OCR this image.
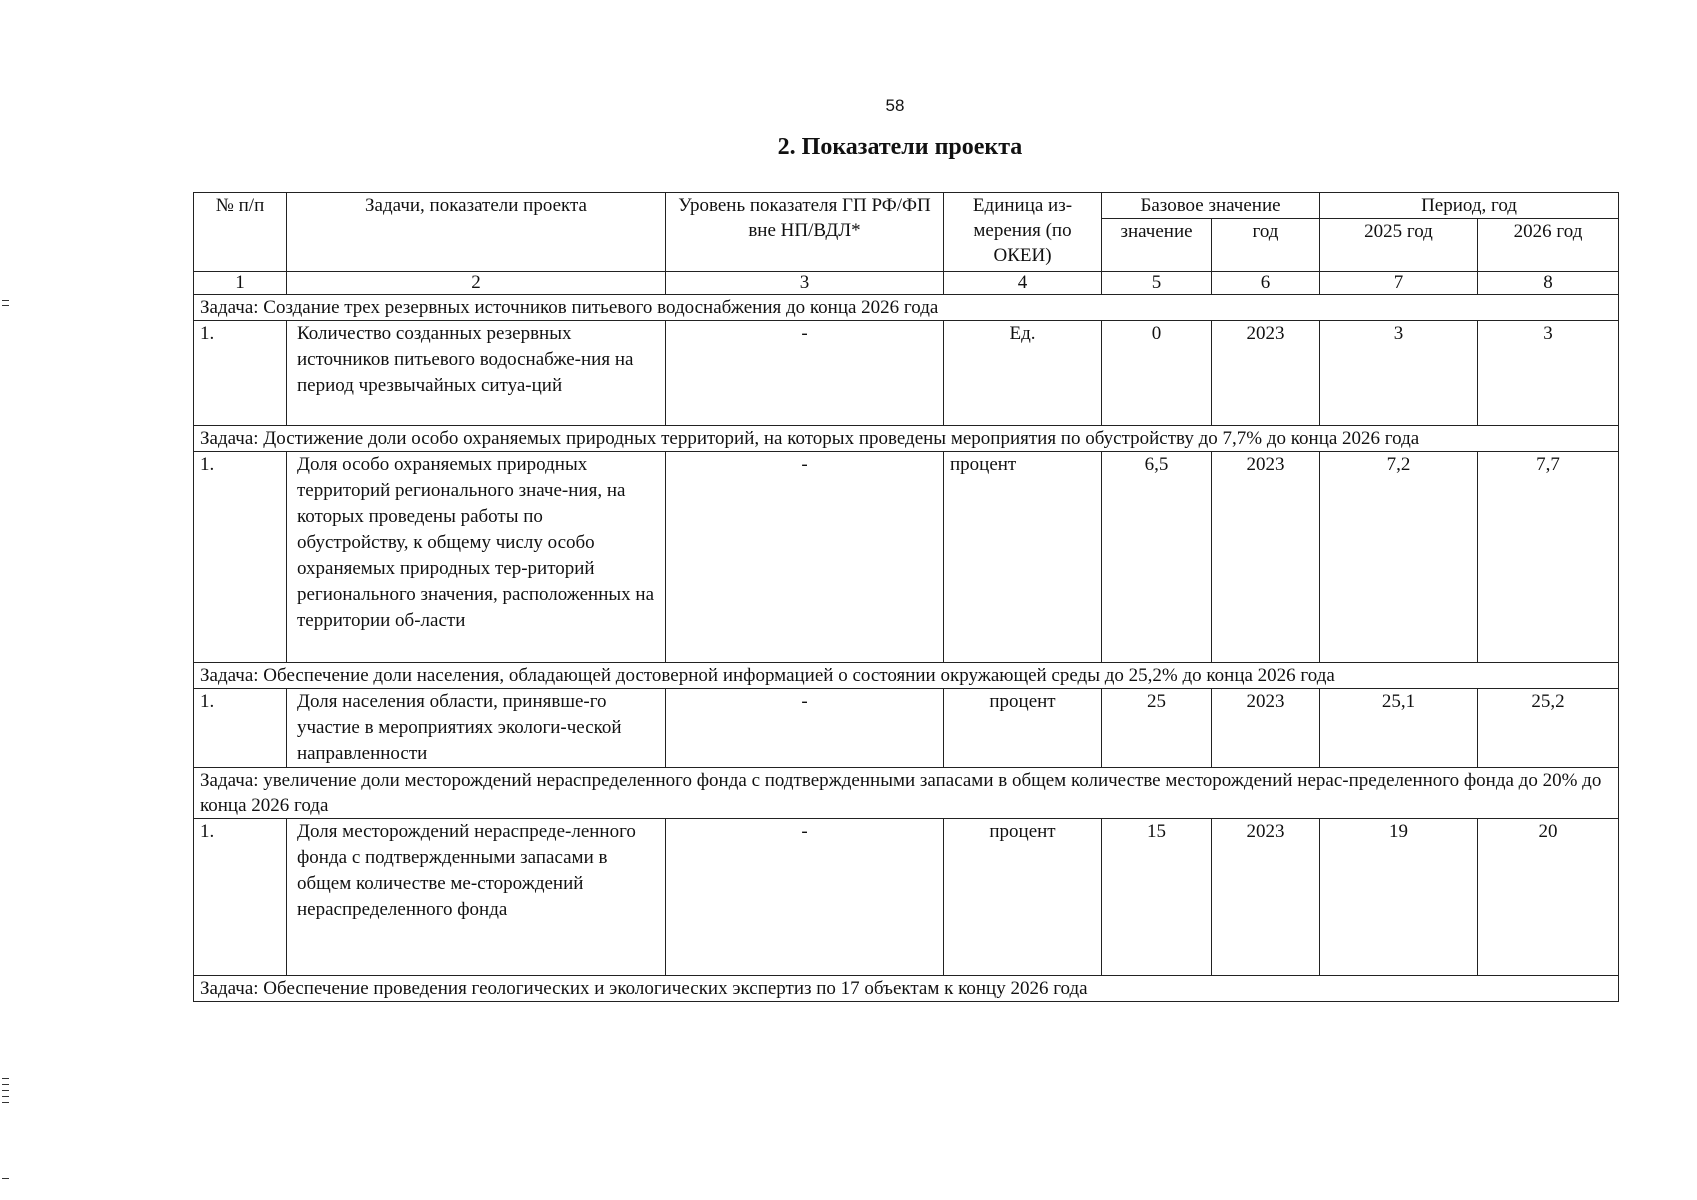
58
2. Показатели проекта
№ п/п	Задачи, показатели проекта	Уровень показателя ГП РФ/ФП вне НП/ВДЛ*	Единица из-мерения (по ОКЕИ)	Базовое значение		Период, год	
				значение	год	2025 год	2026 год
1	2	3	4	5	6	7	8
Задача: Создание трех резервных источников питьевого водоснабжения до конца 2026 года							
1.	Количество созданных резервных источников питьевого водоснабже-ния на период чрезвычайных ситуа-ций	-	Ед.	0	2023	3	3
Задача: Достижение доли особо охраняемых природных территорий, на которых проведены мероприятия по обустройству до 7,7% до конца 2026 года							
1.	Доля особо охраняемых природных территорий регионального значе-ния, на которых проведены работы по обустройству, к общему числу особо охраняемых природных тер-риторий регионального значения, расположенных на территории об-ласти	-	процент	6,5	2023	7,2	7,7
Задача: Обеспечение доли населения, обладающей достоверной информацией о состоянии окружающей среды до 25,2% до конца 2026 года							
1.	Доля населения области, принявше-го участие в мероприятиях экологи-ческой направленности	-	процент	25	2023	25,1	25,2
Задача: увеличение доли месторождений нераспределенного фонда с подтвержденными запасами в общем количестве месторождений нерас-пределенного фонда до 20% до конца 2026 года							
1.	Доля месторождений нераспреде-ленного фонда с подтвержденными запасами в общем количестве ме-сторождений нераспределенного фонда	-	процент	15	2023	19	20
Задача: Обеспечение проведения геологических и экологических экспертиз по 17 объектам к концу 2026 года							
